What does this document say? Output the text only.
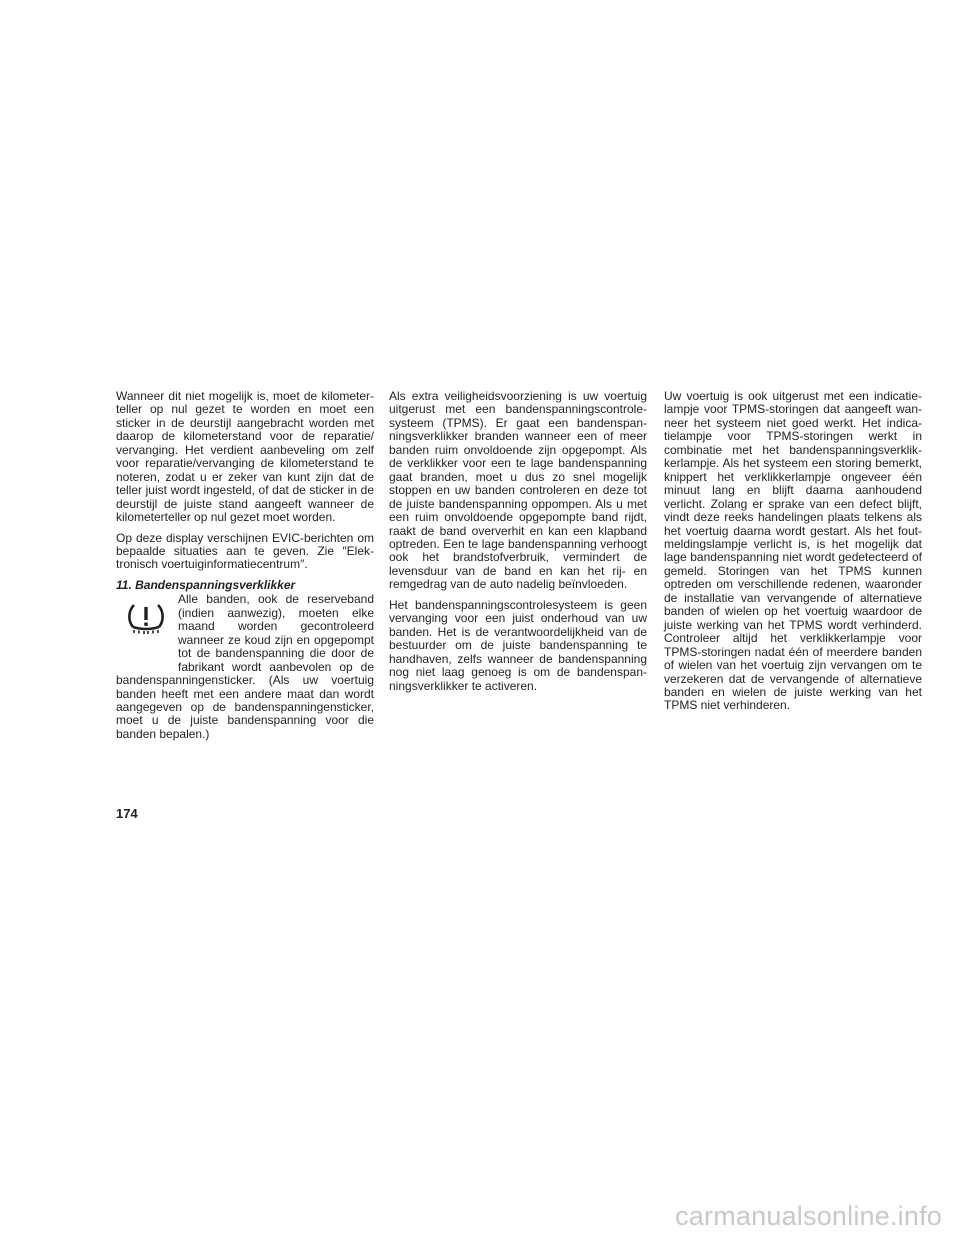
Wanneer dit niet mogelijk is, moet de kilometerteller op nul gezet te worden en moet een sticker in de deurstijl aangebracht worden met daarop de kilometerstand voor de reparatie/ vervanging. Het verdient aanbeveling om zelf voor reparatie/vervanging de kilometerstand te noteren, zodat u er zeker van kunt zijn dat de teller juist wordt ingesteld, of dat de sticker in de deurstijl de juiste stand aangeeft wanneer de kilometerteller op nul gezet moet worden.

Op deze display verschijnen EVIC-berichten om bepaalde situaties aan te geven. Zie ″Elektronisch voertuiginformatiecentrum″.

11. Bandenspanningsverklikker

Alle banden, ook de reserveband (indien aanwezig), moeten elke maand worden gecontroleerd wanneer ze koud zijn en opgepompt tot de bandenspanning die door de fabrikant wordt aanbevolen op de bandenspanningensticker. (Als uw voertuig banden heeft met een andere maat dan wordt aangegeven op de bandenspanningensticker, moet u de juiste bandenspanning voor die banden bepalen.)

Als extra veiligheidsvoorziening is uw voertuig uitgerust met een bandenspanningscontrolesysteem (TPMS). Er gaat een bandenspanningsverklikker branden wanneer een of meer banden ruim onvoldoende zijn opgepompt. Als de verklikker voor een te lage bandenspanning gaat branden, moet u dus zo snel mogelijk stoppen en uw banden controleren en deze tot de juiste bandenspanning oppompen. Als u met een ruim onvoldoende opgepompte band rijdt, raakt de band oververhit en kan een klapband optreden. Een te lage bandenspanning verhoogt ook het brandstofverbruik, vermindert de levensduur van de band en kan het rij- en remgedrag van de auto nadelig beïnvloeden.

Het bandenspanningscontrolesysteem is geen vervanging voor een juist onderhoud van uw banden. Het is de verantwoordelijkheid van de bestuurder om de juiste bandenspanning te handhaven, zelfs wanneer de bandenspanning nog niet laag genoeg is om de bandenspanningsverklikker te activeren.

Uw voertuig is ook uitgerust met een indicatielampje voor TPMS-storingen dat aangeeft wanneer het systeem niet goed werkt. Het indicatielampje voor TPMS-storingen werkt in combinatie met het bandenspanningsverklikkerlampje. Als het systeem een storing bemerkt, knippert het verklikkerlampje ongeveer één minuut lang en blijft daarna aanhoudend verlicht. Zolang er sprake van een defect blijft, vindt deze reeks handelingen plaats telkens als het voertuig daarna wordt gestart. Als het foutmeldingslampje verlicht is, is het mogelijk dat lage bandenspanning niet wordt gedetecteerd of gemeld. Storingen van het TPMS kunnen optreden om verschillende redenen, waaronder de installatie van vervangende of alternatieve banden of wielen op het voertuig waardoor de juiste werking van het TPMS wordt verhinderd. Controleer altijd het verklikkerlampje voor TPMS-storingen nadat één of meerdere banden of wielen van het voertuig zijn vervangen om te verzekeren dat de vervangende of alternatieve banden en wielen de juiste werking van het TPMS niet verhinderen.

174
carmanualsonline.info
